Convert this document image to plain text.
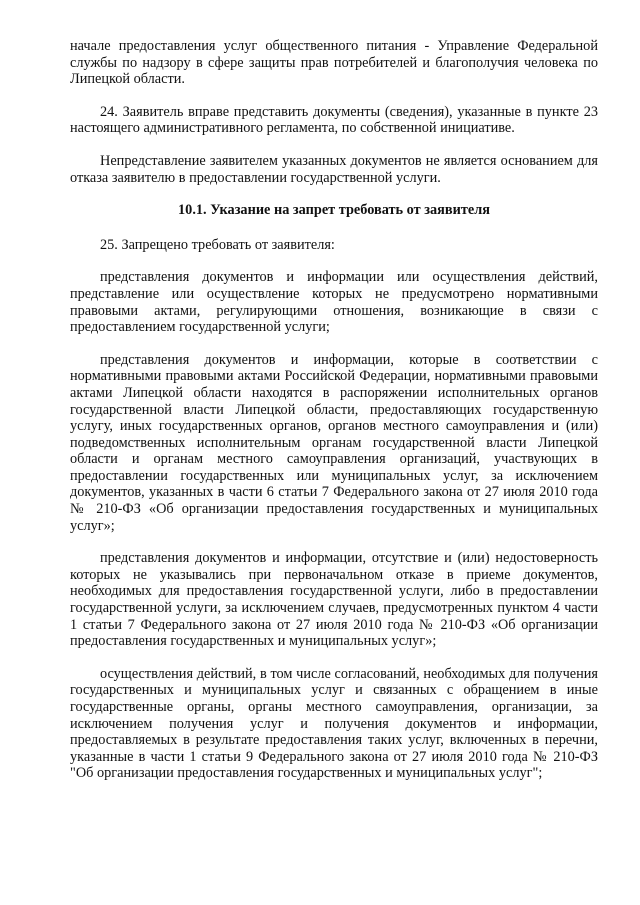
начале предоставления услуг общественного питания - Управление Федеральной службы по надзору в сфере защиты прав потребителей и благополучия человека по Липецкой области.

24. Заявитель вправе представить документы (сведения), указанные в пункте 23 настоящего административного регламента, по собственной инициативе.

Непредставление заявителем указанных документов не является основанием для отказа заявителю в предоставлении государственной услуги.

10.1. Указание на запрет требовать от заявителя

25. Запрещено требовать от заявителя:

представления документов и информации или осуществления действий, представление или осуществление которых не предусмотрено нормативными правовыми актами, регулирующими отношения, возникающие в связи с предоставлением государственной услуги;

представления документов и информации, которые в соответствии с нормативными правовыми актами Российской Федерации, нормативными правовыми актами Липецкой области находятся в распоряжении исполнительных органов государственной власти Липецкой области, предоставляющих государственную услугу, иных государственных органов, органов местного самоуправления и (или) подведомственных исполнительным органам государственной власти Липецкой области и органам местного самоуправления организаций, участвующих в предоставлении государственных или муниципальных услуг, за исключением документов, указанных в части 6 статьи 7 Федерального закона от 27 июля 2010 года № 210-ФЗ «Об организации предоставления государственных и муниципальных услуг»;

представления документов и информации, отсутствие и (или) недостоверность которых не указывались при первоначальном отказе в приеме документов, необходимых для предоставления государственной услуги, либо в предоставлении государственной услуги, за исключением случаев, предусмотренных пунктом 4 части 1 статьи 7 Федерального закона от 27 июля 2010 года № 210-ФЗ «Об организации предоставления государственных и муниципальных услуг»;

осуществления действий, в том числе согласований, необходимых для получения государственных и муниципальных услуг и связанных с обращением в иные государственные органы, органы местного самоуправления, организации, за исключением получения услуг и получения документов и информации, предоставляемых в результате предоставления таких услуг, включенных в перечни, указанные в части 1 статьи 9 Федерального закона от 27 июля 2010 года № 210-ФЗ "Об организации предоставления государственных и муниципальных услуг";
